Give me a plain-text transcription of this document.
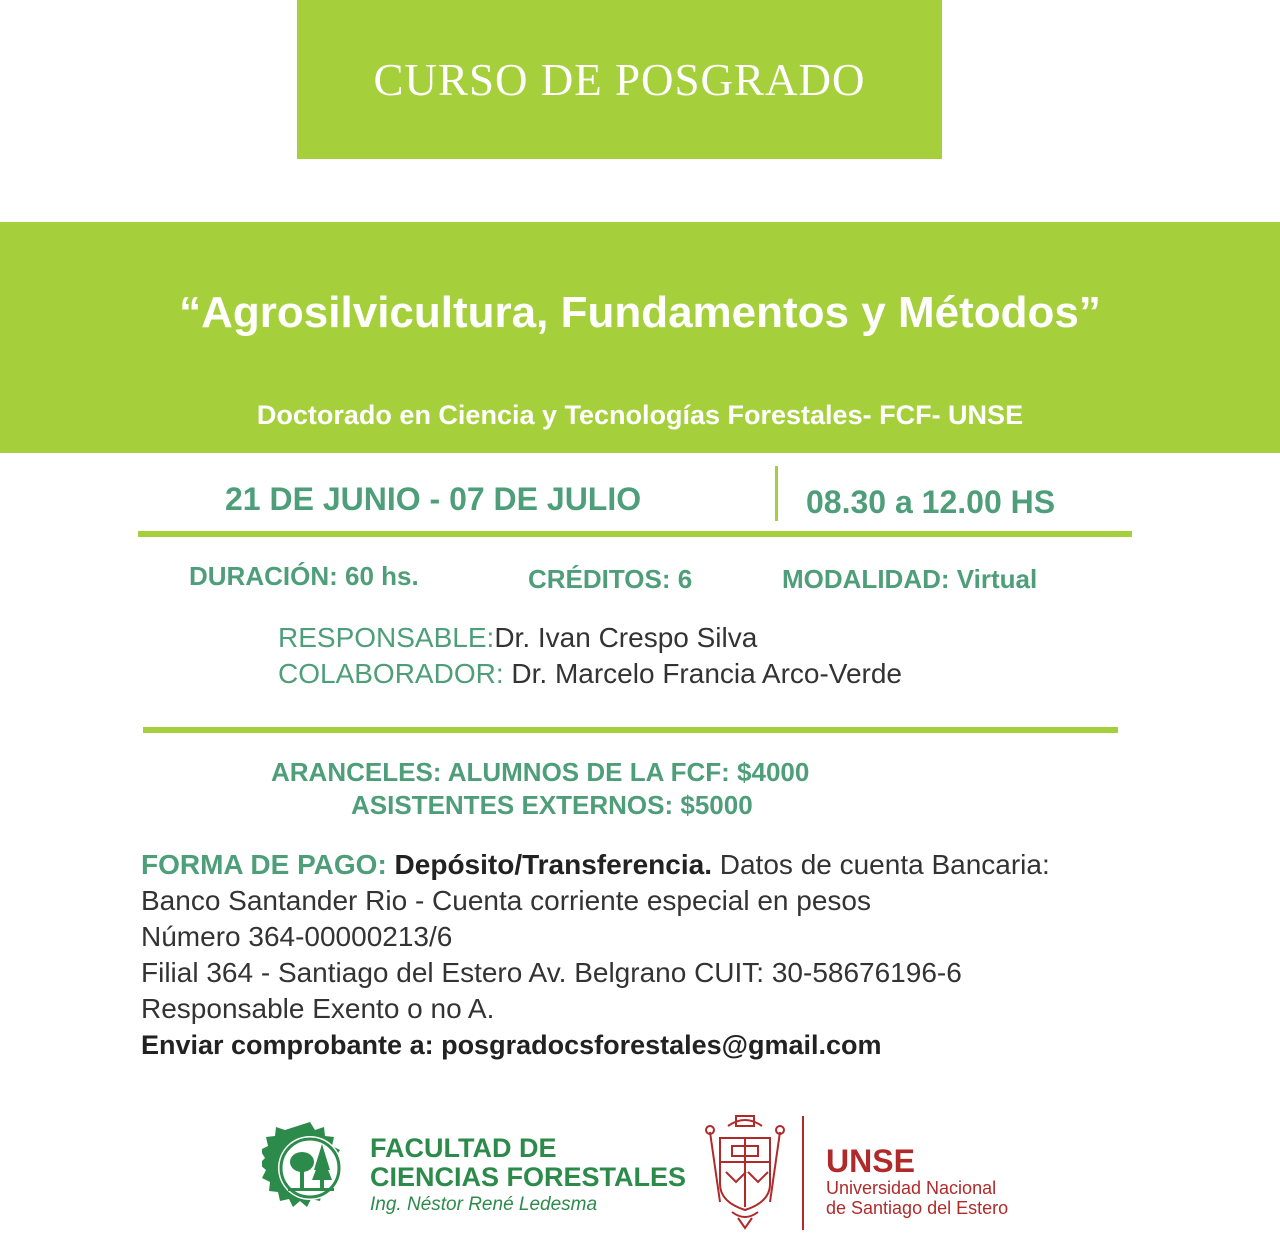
CURSO DE POSGRADO
“Agrosilvicultura, Fundamentos y Métodos”
Doctorado en Ciencia y Tecnologías Forestales- FCF- UNSE
21 DE JUNIO - 07 DE JULIO	08.30 a 12.00 HS
DURACIÓN: 60 hs.	CRÉDITOS: 6	MODALIDAD: Virtual
RESPONSABLE:Dr. Ivan Crespo Silva
COLABORADOR: Dr. Marcelo Francia Arco-Verde
ARANCELES: ALUMNOS DE LA FCF: $4000
ASISTENTES EXTERNOS: $5000
FORMA DE PAGO: Depósito/Transferencia. Datos de cuenta Bancaria:
Banco Santander Rio - Cuenta corriente especial en pesos
Número 364-00000213/6
Filial 364 - Santiago del Estero Av. Belgrano CUIT: 30-58676196-6
Responsable Exento o no A.
Enviar comprobante a: posgradocsforestales@gmail.com
FACULTAD DE
CIENCIAS FORESTALES
Ing. Néstor René Ledesma
UNSE
Universidad Nacional
de Santiago del Estero
